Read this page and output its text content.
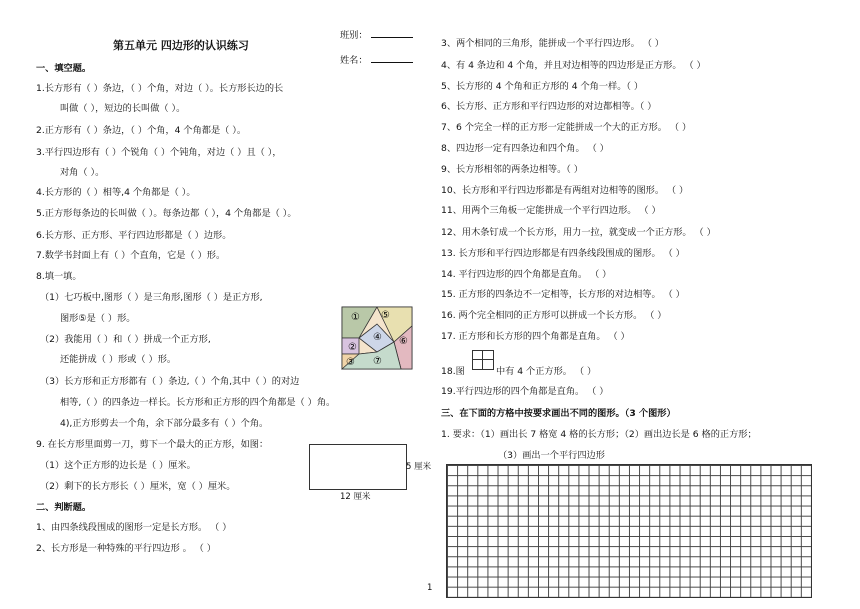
班别：
姓名：
第五单元 四边形的认识练习
一、填空题。
1.长方形有（ ）条边，（ ）个角，对边（ ）。长方形长边的长
叫做（ ），短边的长叫做（ ）。
2.正方形有（ ）条边，（ ）个角，4 个角都是（ ）。
3.平行四边形有（ ）个锐角（ ）个钝角，对边（ ）且（ ），
对角（ ）。
4.长方形的（ ）相等,4 个角都是（ ）。
5.正方形每条边的长叫做（ ）。每条边都（ ），4 个角都是（ ）。
6.长方形、正方形、平行四边形都是（ ）边形。
7.数学书封面上有（ ）个直角，它是（ ）形。
8.填一填。
（1）七巧板中,图形（ ）是三角形,图形（ ）是正方形,
图形⑤是（ ）形。
（2）我能用（ ）和（ ）拼成一个正方形,
还能拼成（ ）形或（ ）形。
（3）长方形和正方形都有（ ）条边,（ ）个角,其中（ ）的对边
相等,（ ）的四条边一样长。长方形和正方形的四个角都是（ ）角。
4),正方形剪去一个角，余下部分最多有（ ）个角。
9. 在长方形里面剪一刀，剪下一个最大的正方形，如图：
（1）这个正方形的边长是（ ）厘米。
（2）剩下的长方形长（ ）厘米，宽（ ）厘米。
①
②
③
④
⑤
⑥
⑦
5 厘米
12 厘米
二、判断题。
1、由四条线段围成的图形一定是长方形。 （ ）
2、长方形是一种特殊的平行四边形 。 （ ）
3、两个相同的三角形，能拼成一个平行四边形。 （ ）
4、有 4 条边和 4 个角，并且对边相等的四边形是正方形。 （ ）
5、长方形的 4 个角和正方形的 4 个角一样。（ ）
6、长方形、正方形和平行四边形的对边都相等。（ ）
7、6 个完全一样的正方形一定能拼成一个大的正方形。 （ ）
8、四边形一定有四条边和四个角。 （ ）
9、长方形相邻的两条边相等。（ ）
10、长方形和平行四边形都是有两组对边相等的图形。 （ ）
11、用两个三角板一定能拼成一个平行四边形。 （ ）
12、用木条钉成一个长方形，用力一拉，就变成一个正方形。 （ ）
13. 长方形和平行四边形都是有四条线段围成的图形。 （ ）
14. 平行四边形的四个角都是直角。 （ ）
15. 正方形的四条边不一定相等，长方形的对边相等。 （ ）
16. 两个完全相同的正方形可以拼成一个长方形。 （ ）
17. 正方形和长方形的四个角都是直角。 （ ）
18.图	中有 4 个正方形。 （ ）
19.平行四边形的四个角都是直角。 （ ）
三、在下面的方格中按要求画出不同的图形。（3 个图形）
1. 要求：（1）画出长 7 格宽 4 格的长方形；（2）画出边长是 6 格的正方形；
（3）画出一个平行四边形
1
